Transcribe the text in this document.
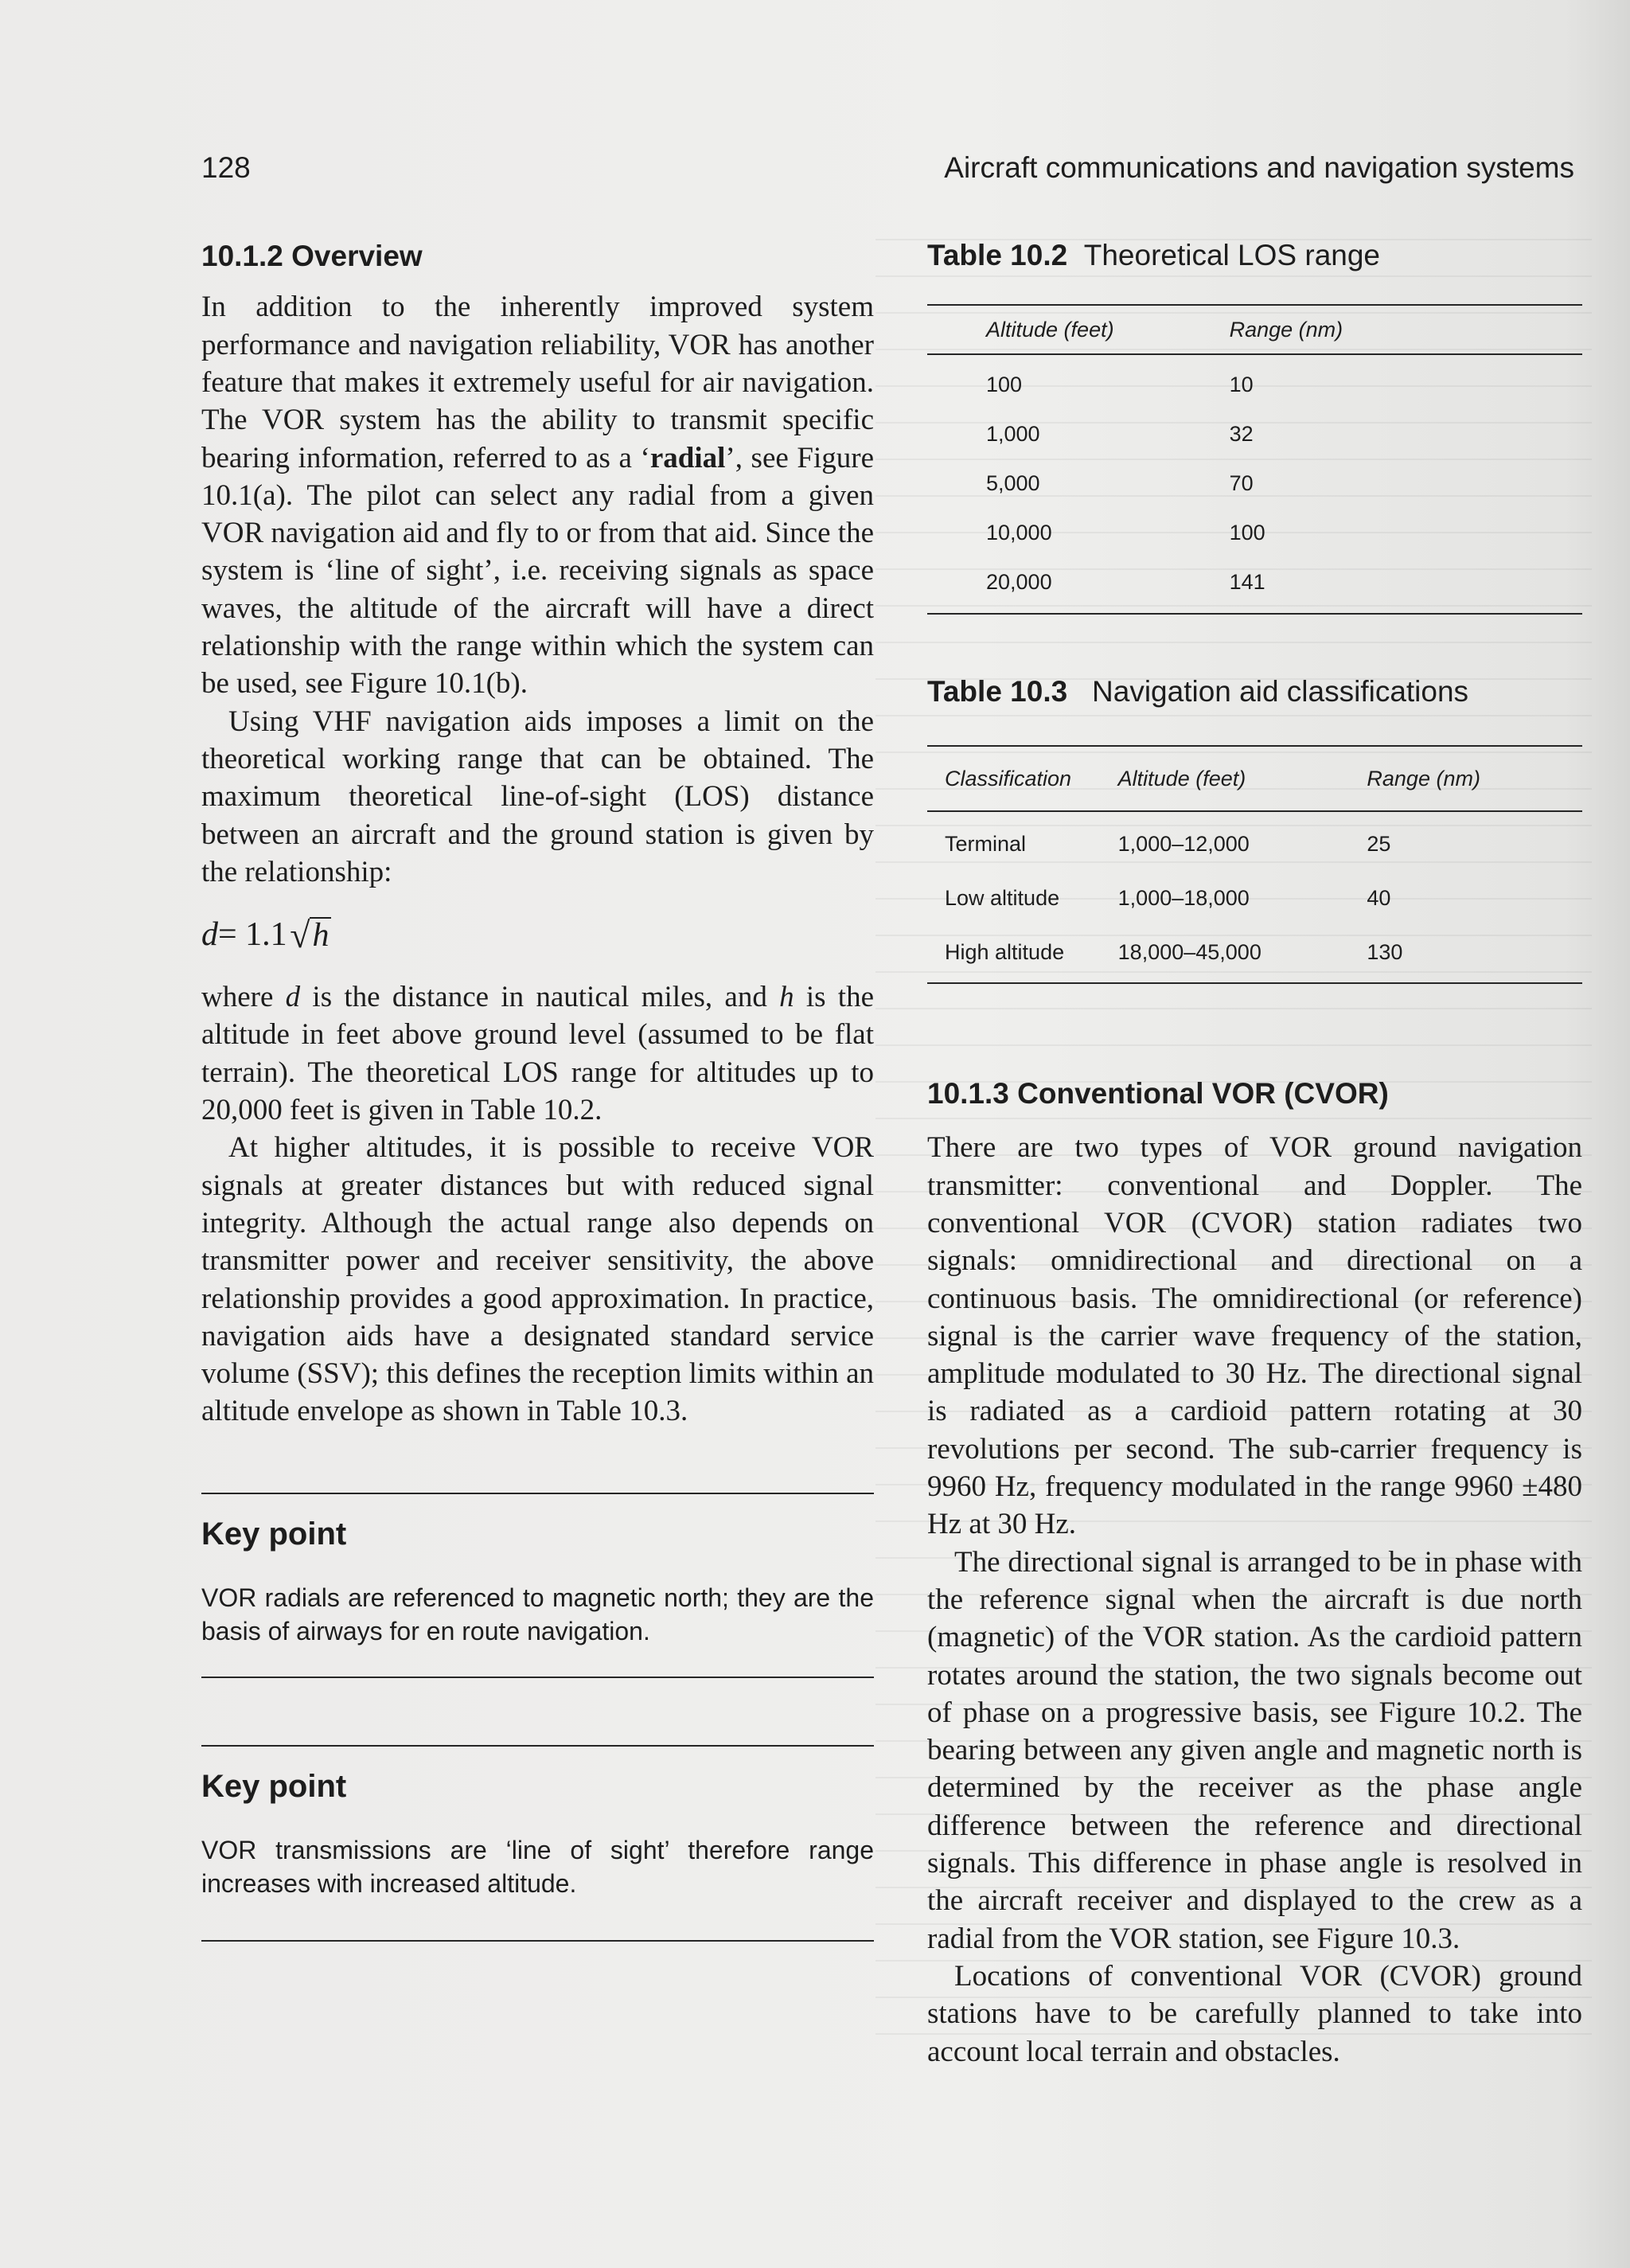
128	Aircraft communications and navigation systems
10.1.2 Overview

In addition to the inherently improved system performance and navigation reliability, VOR has another feature that makes it extremely useful for air navigation. The VOR system has the ability to transmit specific bearing information, referred to as a ‘radial’, see Figure 10.1(a). The pilot can select any radial from a given VOR navigation aid and fly to or from that aid. Since the system is ‘line of sight’, i.e. receiving signals as space waves, the altitude of the aircraft will have a direct relationship with the range within which the system can be used, see Figure 10.1(b).

Using VHF navigation aids imposes a limit on the theoretical working range that can be obtained. The maximum theoretical line-of-sight (LOS) distance between an aircraft and the ground station is given by the relationship:

d = 1.1
  √ h

where d is the distance in nautical miles, and h is the altitude in feet above ground level (assumed to be flat terrain). The theoretical LOS range for altitudes up to 20,000 feet is given in Table 10.2.

At higher altitudes, it is possible to receive VOR signals at greater distances but with reduced signal integrity. Although the actual range also depends on transmitter power and receiver sensitivity, the above relationship provides a good approximation. In practice, navigation aids have a designated standard service volume (SSV); this defines the reception limits within an altitude envelope as shown in Table 10.3.

Key point

VOR radials are referenced to magnetic north; they are the basis of airways for en route navigation.

Key point

VOR transmissions are ‘line of sight’ therefore range increases with increased altitude.

Table 10.2 Theoretical LOS range

Altitude (feet)	Range (nm)
100	10
1,000	32
5,000	70
10,000	100
20,000	141

Table 10.3 Navigation aid classifications

Classification	Altitude (feet)	Range (nm)
Terminal	1,000–12,000	25
Low altitude	1,000–18,000	40
High altitude	18,000–45,000	130
10.1.3 Conventional VOR (CVOR)

There are two types of VOR ground navigation transmitter: conventional and Doppler. The conventional VOR (CVOR) station radiates two signals: omnidirectional and directional on a continuous basis. The omnidirectional (or reference) signal is the carrier wave frequency of the station, amplitude modulated to 30 Hz. The directional signal is radiated as a cardioid pattern rotating at 30 revolutions per second. The sub-carrier frequency is 9960 Hz, frequency modulated in the range 9960 ±480 Hz at 30 Hz.

The directional signal is arranged to be in phase with the reference signal when the aircraft is due north (magnetic) of the VOR station. As the cardioid pattern rotates around the station, the two signals become out of phase on a progressive basis, see Figure 10.2. The bearing between any given angle and magnetic north is determined by the receiver as the phase angle difference between the reference and directional signals. This difference in phase angle is resolved in the aircraft receiver and displayed to the crew as a radial from the VOR station, see Figure 10.3.

Locations of conventional VOR (CVOR) ground stations have to be carefully planned to take into account local terrain and obstacles.
